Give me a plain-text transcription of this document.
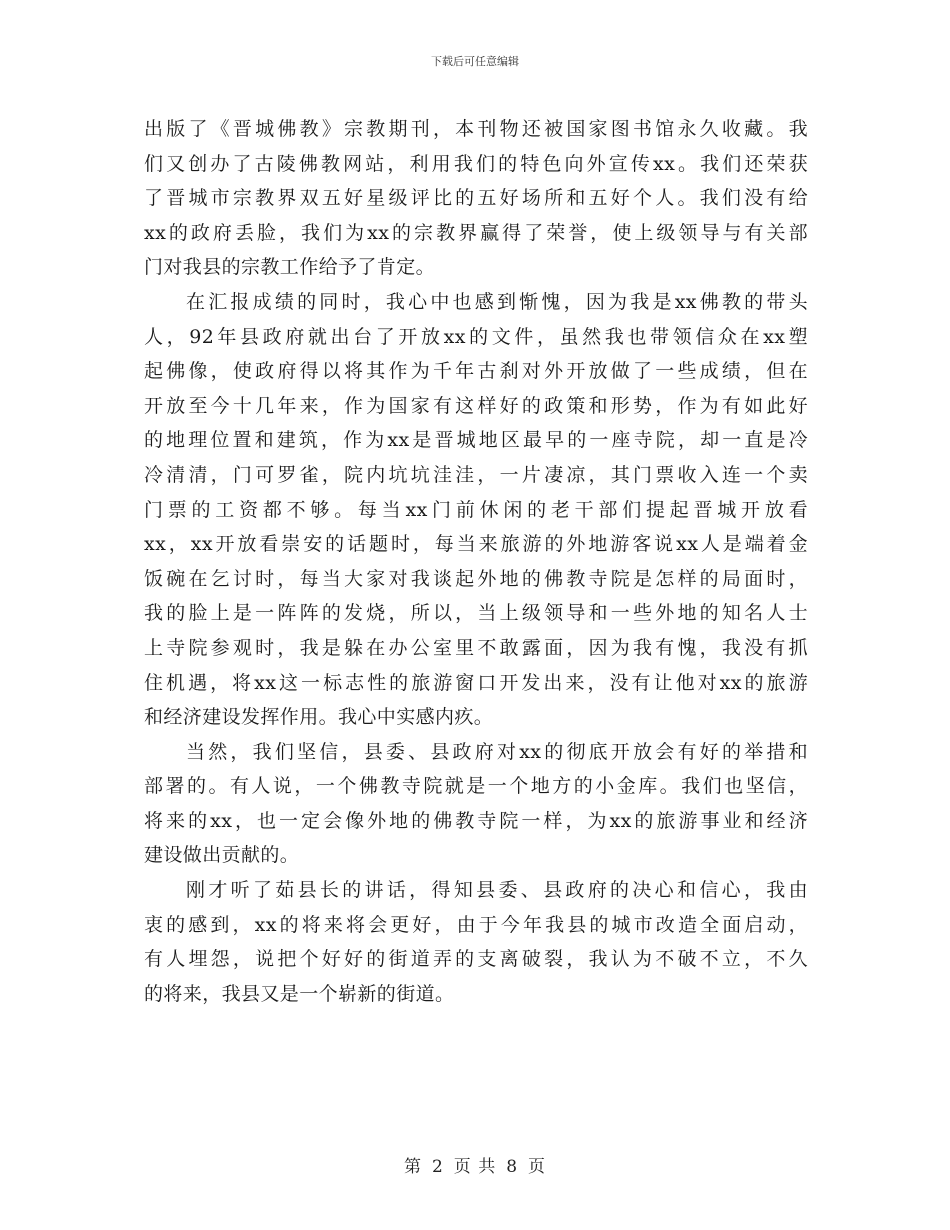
下载后可任意编辑
出版了《晋城佛教》宗教期刊，本刊物还被国家图书馆永久收藏。我
们又创办了古陵佛教网站，利用我们的特色向外宣传xx。我们还荣获
了晋城市宗教界双五好星级评比的五好场所和五好个人。我们没有给
xx的政府丢脸，我们为xx的宗教界赢得了荣誉，使上级领导与有关部
门对我县的宗教工作给予了肯定。
在汇报成绩的同时，我心中也感到惭愧，因为我是xx佛教的带头
人，92年县政府就出台了开放xx的文件，虽然我也带领信众在xx塑
起佛像，使政府得以将其作为千年古刹对外开放做了一些成绩，但在
开放至今十几年来，作为国家有这样好的政策和形势，作为有如此好
的地理位置和建筑，作为xx是晋城地区最早的一座寺院，却一直是冷
冷清清，门可罗雀，院内坑坑洼洼，一片凄凉，其门票收入连一个卖
门票的工资都不够。每当xx门前休闲的老干部们提起晋城开放看
xx，xx开放看崇安的话题时，每当来旅游的外地游客说xx人是端着金
饭碗在乞讨时，每当大家对我谈起外地的佛教寺院是怎样的局面时，
我的脸上是一阵阵的发烧，所以，当上级领导和一些外地的知名人士
上寺院参观时，我是躲在办公室里不敢露面，因为我有愧，我没有抓
住机遇，将xx这一标志性的旅游窗口开发出来，没有让他对xx的旅游
和经济建设发挥作用。我心中实感内疚。
当然，我们坚信，县委、县政府对xx的彻底开放会有好的举措和
部署的。有人说，一个佛教寺院就是一个地方的小金库。我们也坚信，
将来的xx，也一定会像外地的佛教寺院一样，为xx的旅游事业和经济
建设做出贡献的。
刚才听了茹县长的讲话，得知县委、县政府的决心和信心，我由
衷的感到，xx的将来将会更好，由于今年我县的城市改造全面启动，
有人埋怨，说把个好好的街道弄的支离破裂，我认为不破不立，不久
的将来，我县又是一个崭新的街道。
第 2 页 共 8 页
